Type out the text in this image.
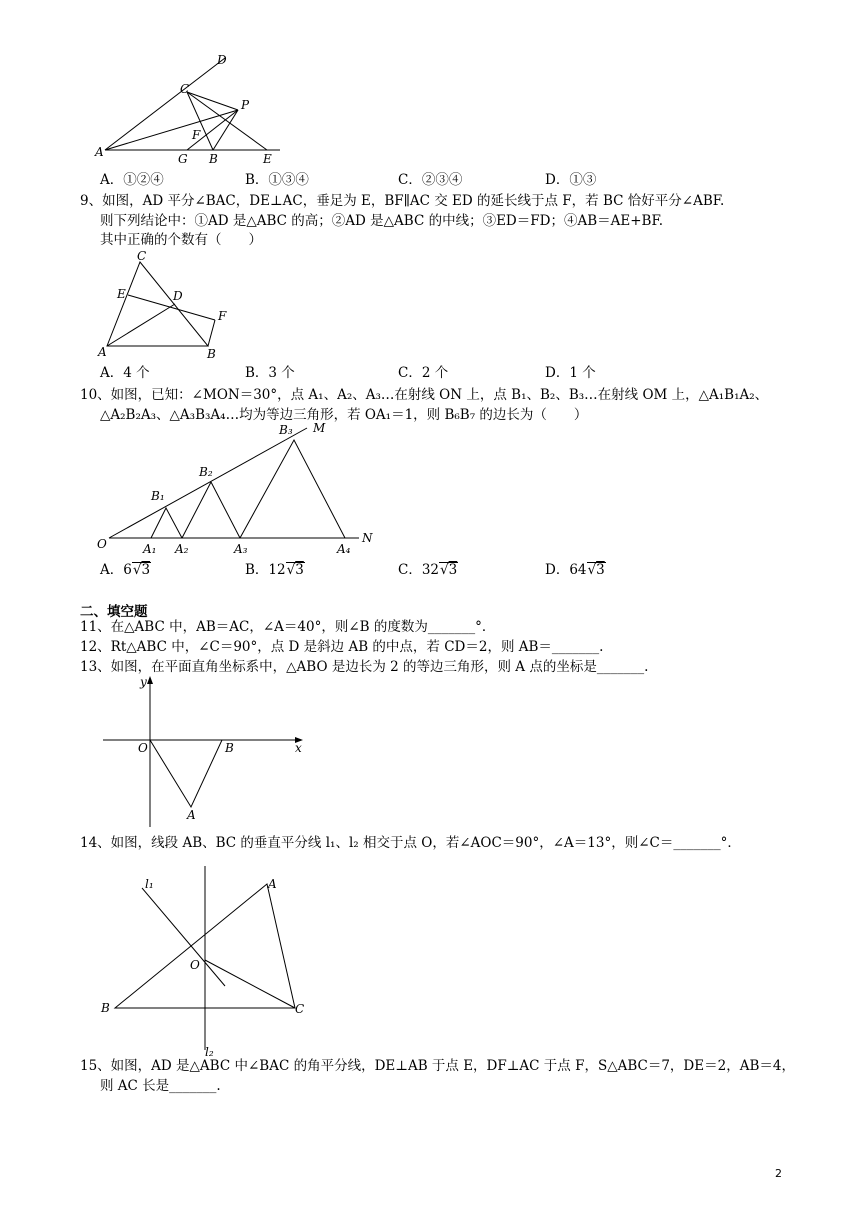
D
C
P
F
A	G B	E
A．①②④	B．①③④	C．②③④	D．①③
9、如图，AD 平分∠BAC，DE⊥AC，垂足为 E，BF∥AC 交 ED 的延长线于点 F，若 BC 恰好平分∠ABF.
则下列结论中：①AD 是△ABC 的高；②AD 是△ABC 的中线；③ED＝FD；④AB＝AE+BF.
其中正确的个数有（　　）
C
E	D
F
A	B
A．4 个	B．3 个	C．2 个	D．1 个
10、如图，已知：∠MON＝30°，点 A₁、A₂、A₃…在射线 ON 上，点 B₁、B₂、B₃…在射线 OM 上，△A₁B₁A₂、
△A₂B₂A₃、△A₃B₃A₄…均为等边三角形，若 OA₁＝1，则 B₆B₇ 的边长为（　　）
O	A₁ A₂	A₃	A₄
N
B₁
B₂
B₃ M
A．6√3	B．12√3	C．32√3	D．64√3
二、填空题
11、在△ABC 中，AB＝AC，∠A＝40°，则∠B 的度数为_______°．
12、Rt△ABC 中，∠C＝90°，点 D 是斜边 AB 的中点，若 CD＝2，则 AB＝_______.
13、如图，在平面直角坐标系中，△ABO 是边长为 2 的等边三角形，则 A 点的坐标是_______.
y
x
O	B
A
14、如图，线段 AB、BC 的垂直平分线 l₁、l₂ 相交于点 O，若∠AOC＝90°，∠A＝13°，则∠C＝_______°．
l₁	A
O
B	C
l₂
15、如图，AD 是△ABC 中∠BAC 的角平分线，DE⊥AB 于点 E，DF⊥AC 于点 F，S△ABC＝7，DE＝2，AB＝4，
则 AC 长是_______.
2
